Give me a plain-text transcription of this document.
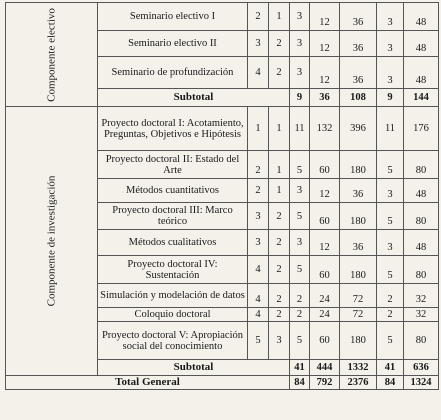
Componente electivo	Seminario electivo I	2	1	3	12	36	3	48
	Seminario electivo II	3	2	3	12	36	3	48
	Seminario de profundización	4	2	3	12	36	3	48
	Subtotal			9	36	108	9	144

Componente de investigación	Proyecto doctoral I: Acotamiento, Preguntas, Objetivos e Hipótesis	1	1	11	132	396	11	176
	Proyecto doctoral II: Estado del Arte	2	1	5	60	180	5	80
	Métodos cuantitativos	2	1	3	12	36	3	48
	Proyecto doctoral III: Marco teórico	3	2	5	60	180	5	80
	Métodos cualitativos	3	2	3	12	36	3	48
	Proyecto doctoral IV: Sustentación	4	2	5	60	180	5	80
	Simulación y modelación de datos	4	2	2	24	72	2	32
	Coloquio doctoral	4	2	2	24	72	2	32
	Proyecto doctoral V: Apropiación social del conocimiento	5	3	5	60	180	5	80
	Subtotal			41	444	1332	41	636
Total General				84	792	2376	84	1324
